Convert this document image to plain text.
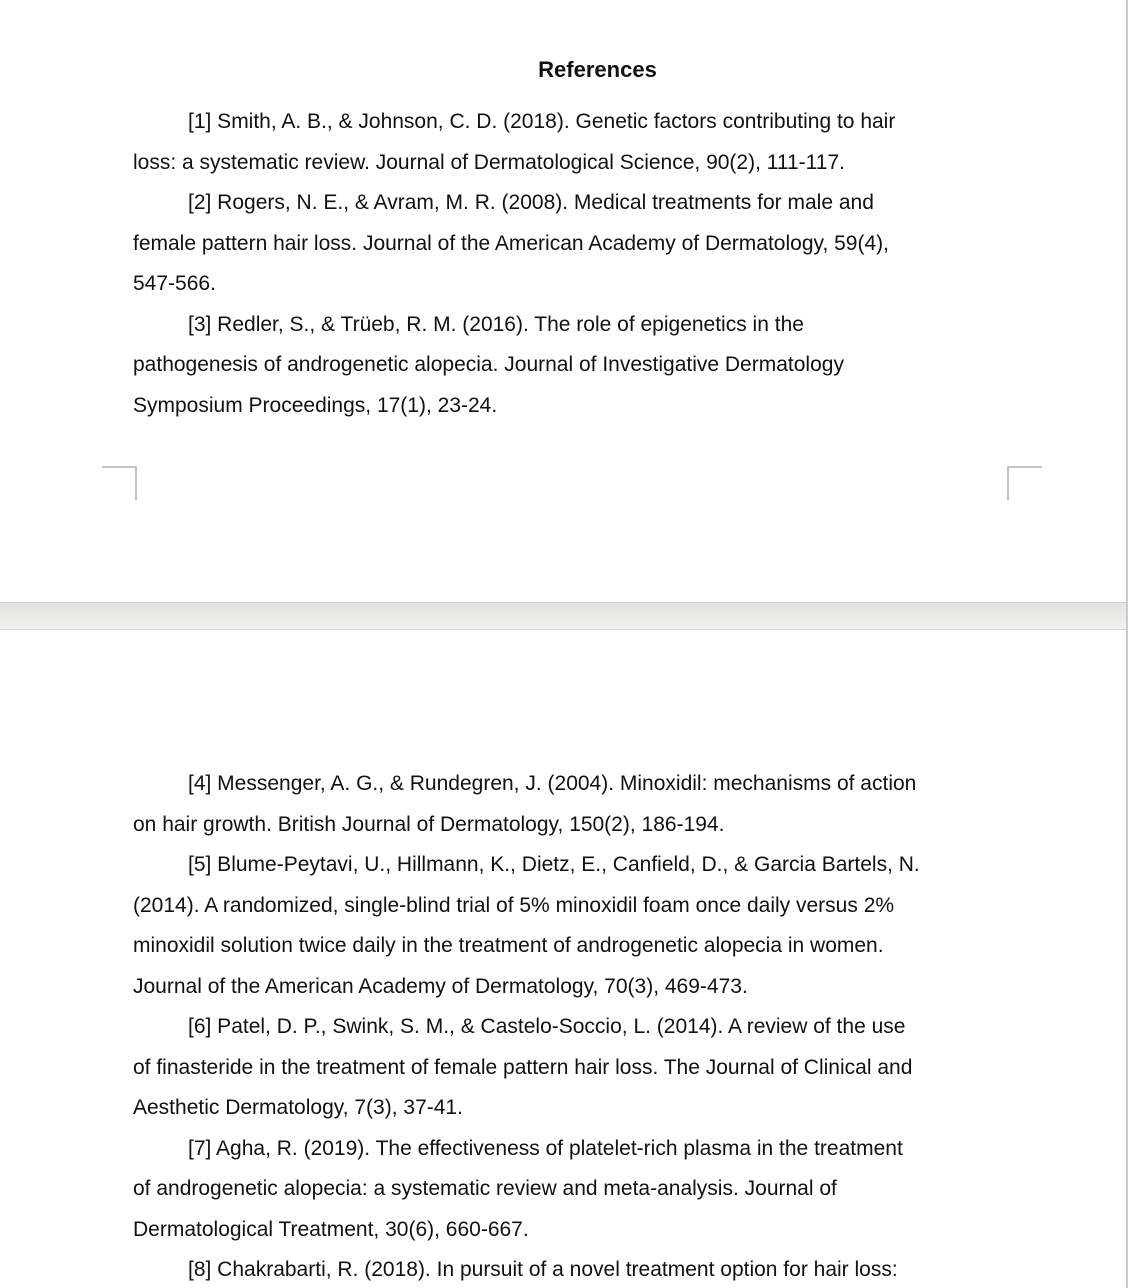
References

[1] Smith, A. B., & Johnson, C. D. (2018). Genetic factors contributing to hair
loss: a systematic review. Journal of Dermatological Science, 90(2), 111-117.

[2] Rogers, N. E., & Avram, M. R. (2008). Medical treatments for male and
female pattern hair loss. Journal of the American Academy of Dermatology, 59(4),
547-566.

[3] Redler, S., & Trüeb, R. M. (2016). The role of epigenetics in the
pathogenesis of androgenetic alopecia. Journal of Investigative Dermatology
Symposium Proceedings, 17(1), 23-24.

[4] Messenger, A. G., & Rundegren, J. (2004). Minoxidil: mechanisms of action
on hair growth. British Journal of Dermatology, 150(2), 186-194.

[5] Blume-Peytavi, U., Hillmann, K., Dietz, E., Canfield, D., & Garcia Bartels, N.
(2014). A randomized, single-blind trial of 5% minoxidil foam once daily versus 2%
minoxidil solution twice daily in the treatment of androgenetic alopecia in women.
Journal of the American Academy of Dermatology, 70(3), 469-473.

[6] Patel, D. P., Swink, S. M., & Castelo-Soccio, L. (2014). A review of the use
of finasteride in the treatment of female pattern hair loss. The Journal of Clinical and
Aesthetic Dermatology, 7(3), 37-41.

[7] Agha, R. (2019). The effectiveness of platelet-rich plasma in the treatment
of androgenetic alopecia: a systematic review and meta-analysis. Journal of
Dermatological Treatment, 30(6), 660-667.

[8] Chakrabarti, R. (2018). In pursuit of a novel treatment option for hair loss:
